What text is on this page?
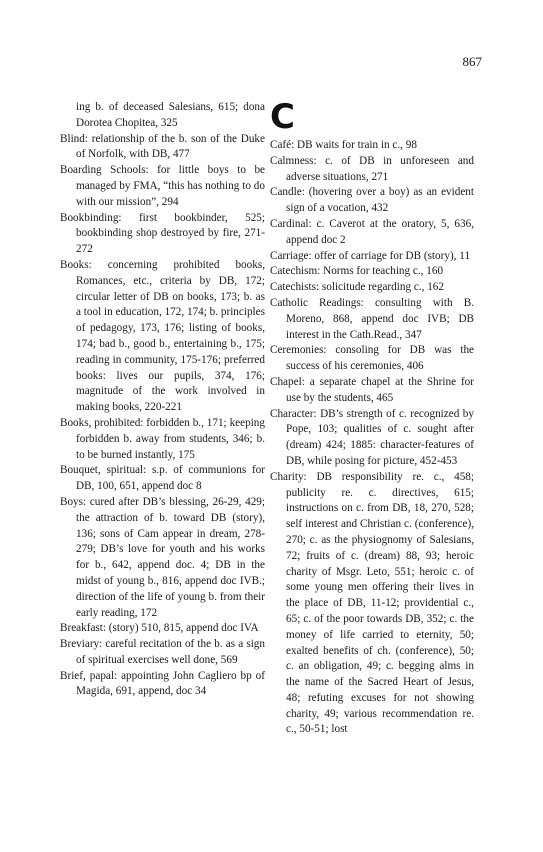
867

ing b. of deceased Salesians, 615; dona Dorotea Chopitea, 325

Blind: relationship of the b. son of the Duke of Norfolk, with DB, 477

Boarding Schools: for little boys to be managed by FMA, “this has nothing to do with our mission”, 294

Bookbinding: first bookbinder, 525; bookbinding shop destroyed by fire, 271-272

Books: concerning prohibited books, Romances, etc., criteria by DB, 172; circular letter of DB on books, 173; b. as a tool in education, 172, 174; b. principles of pedagogy, 173, 176; listing of books, 174; bad b., good b., entertaining b., 175; reading in community, 175-176; preferred books: lives our pupils, 374, 176; magnitude of the work involved in making books, 220-221

Books, prohibited: forbidden b., 171; keeping forbidden b. away from students, 346; b. to be burned instantly, 175

Bouquet, spiritual: s.p. of communions for DB, 100, 651, append doc 8

Boys: cured after DB’s blessing, 26-29, 429; the attraction of b. toward DB (story), 136; sons of Cam appear in dream, 278-279; DB’s love for youth and his works for b., 642, append doc. 4; DB in the midst of young b., 816, append doc IVB.; direction of the life of young b. from their early reading, 172

Breakfast: (story) 510, 815, append doc IVA

Breviary: careful recitation of the b. as a sign of spiritual exercises well done, 569

Brief, papal: appointing John Cagliero bp of Magida, 691, append, doc 34

C

Café: DB waits for train in c., 98

Calmness: c. of DB in unforeseen and adverse situations, 271

Candle: (hovering over a boy) as an evident sign of a vocation, 432

Cardinal: c. Caverot at the oratory, 5, 636, append doc 2

Carriage: offer of carriage for DB (story), 11

Catechism: Norms for teaching c., 160

Catechists: solicitude regarding c., 162

Catholic Readings: consulting with B. Moreno, 868, append doc IVB; DB interest in the Cath.Read., 347

Ceremonies: consoling for DB was the success of his ceremonies, 406

Chapel: a separate chapel at the Shrine for use by the students, 465

Character: DB’s strength of c. recognized by Pope, 103; qualities of c. sought after (dream) 424; 1885: character-features of DB, while posing for picture, 452-453

Charity: DB responsibility re. c., 458; publicity re. c. directives, 615; instructions on c. from DB, 18, 270, 528; self interest and Christian c. (conference), 270; c. as the physiognomy of Salesians, 72; fruits of c. (dream) 88, 93; heroic charity of Msgr. Leto, 551; heroic c. of some young men offering their lives in the place of DB, 11-12; providential c., 65; c. of the poor towards DB, 352; c. the money of life carried to eternity, 50; exalted benefits of ch. (conference), 50; c. an obligation, 49; c. begging alms in the name of the Sacred Heart of Jesus, 48; refuting excuses for not showing charity, 49; various recommendation re. c., 50-51; lost
